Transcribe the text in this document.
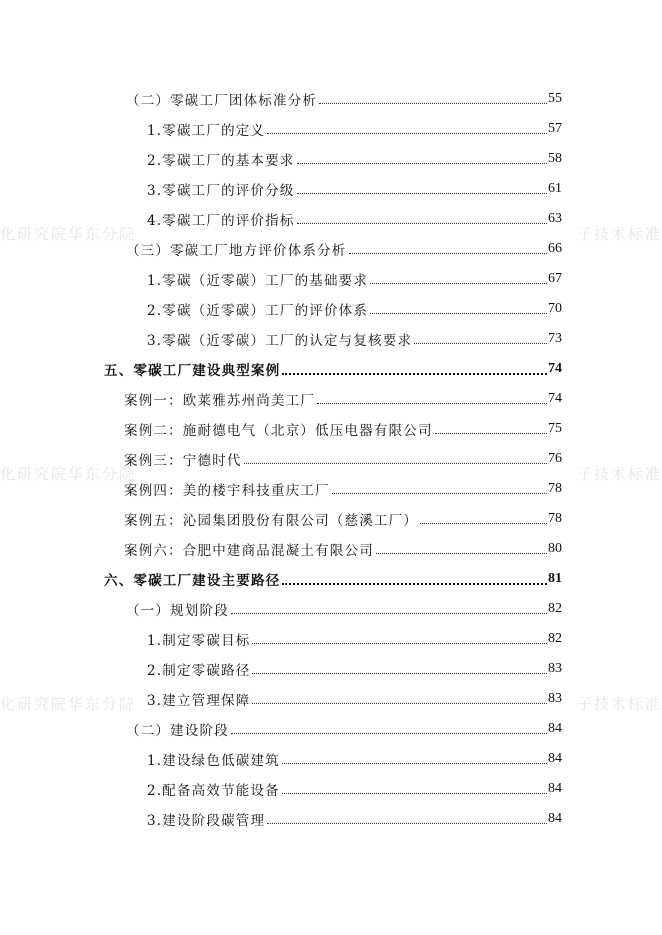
化研究院华东分院	子技术标准
化研究院华东分院	子技术标准
化研究院华东分院	子技术标准
（二）零碳工厂团体标准分析	55
1.零碳工厂的定义	57
2.零碳工厂的基本要求	58
3.零碳工厂的评价分级	61
4.零碳工厂的评价指标	63
（三）零碳工厂地方评价体系分析	66
1.零碳（近零碳）工厂的基础要求	67
2.零碳（近零碳）工厂的评价体系	70
3.零碳（近零碳）工厂的认定与复核要求	73
五、零碳工厂建设典型案例	74
案例一：欧莱雅苏州尚美工厂	74
案例二：施耐德电气（北京）低压电器有限公司	75
案例三：宁德时代	76
案例四：美的楼宇科技重庆工厂	78
案例五：沁园集团股份有限公司（慈溪工厂）	78
案例六：合肥中建商品混凝土有限公司	80
六、零碳工厂建设主要路径	81
（一）规划阶段	82
1.制定零碳目标	82
2.制定零碳路径	83
3.建立管理保障	83
（二）建设阶段	84
1.建设绿色低碳建筑	84
2.配备高效节能设备	84
3.建设阶段碳管理	84
